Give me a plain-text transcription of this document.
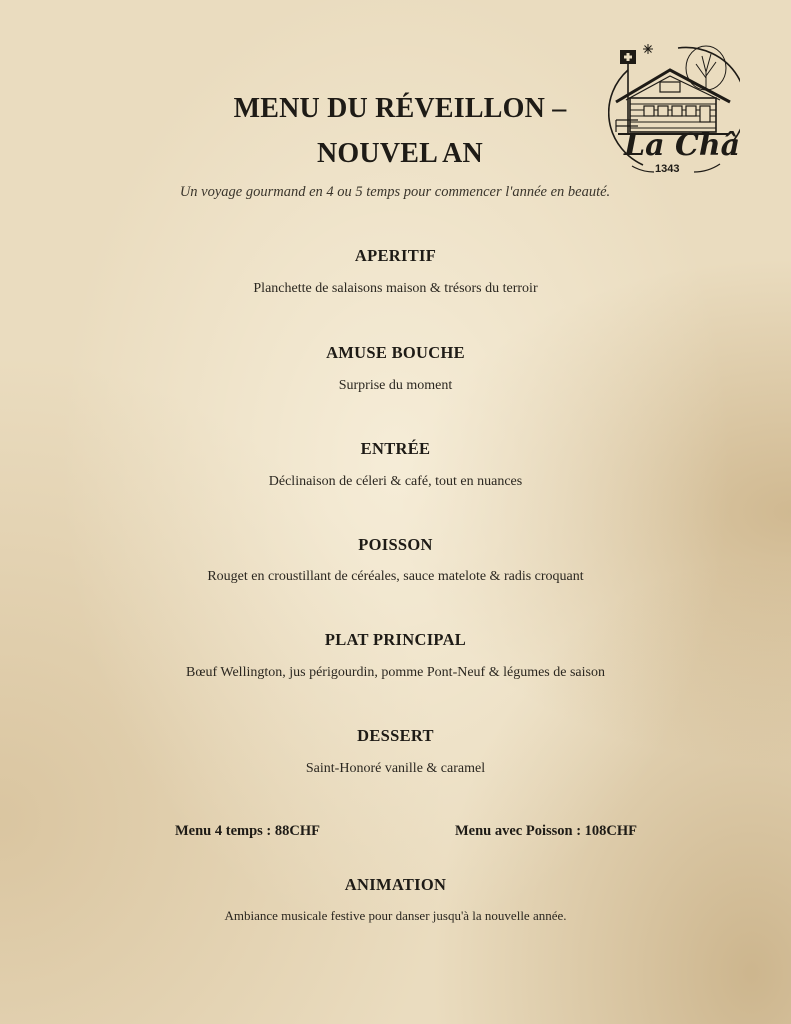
MENU DU RÉVEILLON –
NOUVEL AN
Un voyage gourmand en 4 ou 5 temps pour commencer l'année en beauté.
La Châ
1343
APERITIF
Planchette de salaisons maison & trésors du terroir
AMUSE BOUCHE
Surprise du moment
ENTRÉE
Déclinaison de céleri & café, tout en nuances
POISSON
Rouget en croustillant de céréales, sauce matelote & radis croquant
PLAT PRINCIPAL
Bœuf Wellington, jus périgourdin, pomme Pont-Neuf & légumes de saison
DESSERT
Saint-Honoré vanille & caramel
Menu 4 temps : 88CHF	Menu avec Poisson : 108CHF
ANIMATION
Ambiance musicale festive pour danser jusqu'à la nouvelle année.
